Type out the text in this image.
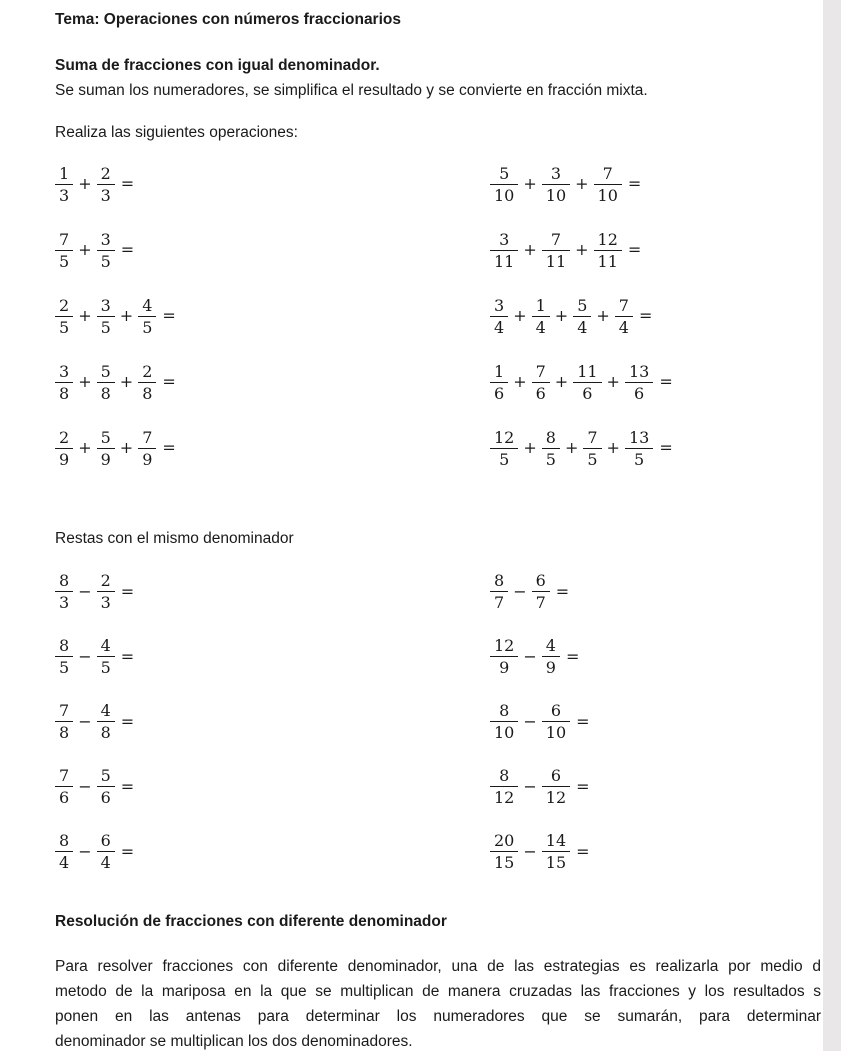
Tema: Operaciones con números fraccionarios
Suma de fracciones con igual denominador.
Se suman los numeradores, se simplifica el resultado y se convierte en fracción mixta.
Realiza las siguientes operaciones:
$\frac{1}{3} + \frac{2}{3}$ =
$\frac{7}{5} + \frac{3}{5}$ =
$\frac{2}{5} + \frac{3}{5} + \frac{4}{5}$ =
$\frac{3}{8} + \frac{5}{8} + \frac{2}{8}$ =
$\frac{2}{9} + \frac{5}{9} + \frac{7}{9}$ =
$\frac{5}{10} + \frac{3}{10} + \frac{7}{10}$ =
$\frac{3}{11} + \frac{7}{11} + \frac{12}{11}$ =
$\frac{3}{4} + \frac{1}{4} + \frac{5}{4} + \frac{7}{4}$ =
$\frac{1}{6} + \frac{7}{6} + \frac{11}{6} + \frac{13}{6}$ =
$\frac{12}{5} + \frac{8}{5} + \frac{7}{5} + \frac{13}{5}$ =
Restas con el mismo denominador
$\frac{8}{3} - \frac{2}{3}$ =
$\frac{8}{5} - \frac{4}{5}$ =
$\frac{7}{8} - \frac{4}{8}$ =
$\frac{7}{6} - \frac{5}{6}$ =
$\frac{8}{4} - \frac{6}{4}$ =
$\frac{8}{7} - \frac{6}{7}$ =
$\frac{12}{9} - \frac{4}{9}$ =
$\frac{8}{10} - \frac{6}{10}$ =
$\frac{8}{12} - \frac{6}{12}$ =
$\frac{20}{15} - \frac{14}{15}$ =
Resolución de fracciones con diferente denominador
Para resolver fracciones con diferente denominador, una de las estrategias es realizarla por medio d
metodo de la mariposa en la que se multiplican de manera cruzadas las fracciones y los resultados s
ponen en las antenas para determinar los numeradores que se sumarán, para determinar
denominador se multiplican los dos denominadores.
